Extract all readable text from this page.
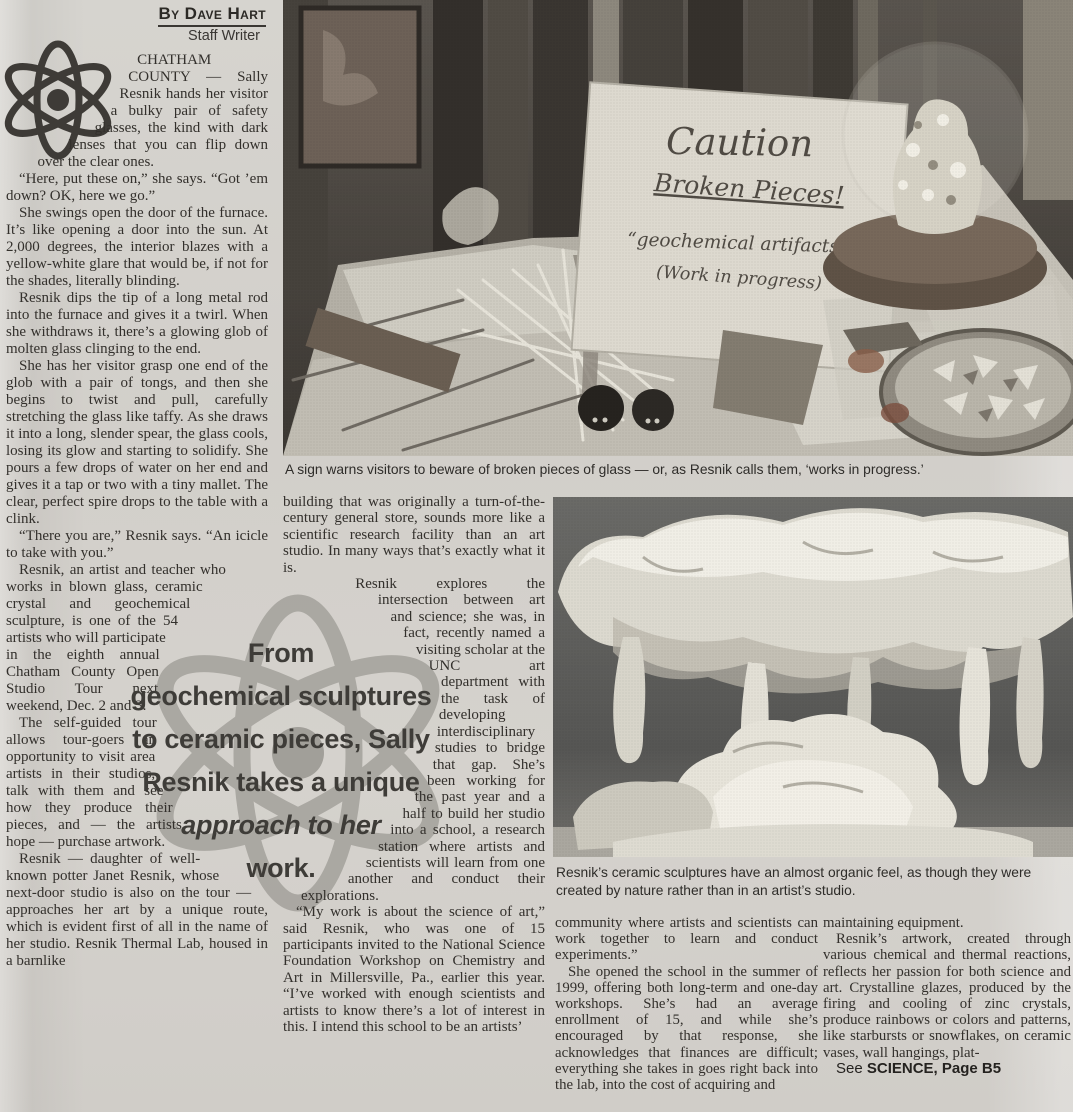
By Dave Hart
Staff Writer

CHATHAM COUNTY — Sally Resnik hands her visitor a bulky pair of safety glasses, the kind with dark lenses that you can flip down over the clear ones.

“Here, put these on,” she says. “Got ’em down? OK, here we go.”

She swings open the door of the furnace. It’s like opening a door into the sun. At 2,000 degrees, the interior blazes with a yellow-white glare that would be, if not for the shades, literally blinding.

Resnik dips the tip of a long metal rod into the furnace and gives it a twirl. When she withdraws it, there’s a glowing glob of molten glass clinging to the end.

She has her visitor grasp one end of the glob with a pair of tongs, and then she begins to twist and pull, carefully stretching the glass like taffy. As she draws it into a long, slender spear, the glass cools, losing its glow and starting to solidify. She pours a few drops of water on her end and gives it a tap or two with a tiny mallet. The clear, perfect spire drops to the table with a clink.

“There you are,” Resnik says. “An icicle to take with you.”

Resnik, an artist and teacher who works in blown glass, ceramic crystal and geochemical sculpture, is one of the 54 artists who will participate in the eighth annual Chatham County Open Studio Tour next weekend, Dec. 2 and 3.

The self-guided tour allows tour-goers an opportunity to visit area artists in their studios, talk with them and see how they produce their pieces, and — the artists hope — purchase artwork.

Resnik — daughter of well-known potter Janet Resnik, whose next-door studio is also on the tour — approaches her art by a unique route, which is evident first of all in the name of her studio. Resnik Thermal Lab, housed in a barnlike

From
geochemical sculptures
to ceramic pieces, Sally
Resnik takes a unique
approach to her
work.

building that was originally a turn-of-the-century general store, sounds more like a scientific research facility than an art studio. In many ways that’s exactly what it is.

Resnik explores the intersection between art and science; she was, in fact, recently named a visiting scholar at the UNC art department with the task of developing interdisciplinary studies to bridge that gap. She’s been working for the past year and a half to build her studio into a school, a research station where artists and scientists will learn from one another and conduct their explorations.

“My work is about the science of art,” said Resnik, who was one of 15 participants invited to the National Science Foundation Workshop on Chemistry and Art in Millersville, Pa., earlier this year. “I’ve worked with enough scientists and artists to know there’s a lot of interest in this. I intend this school to be an artists’

A sign warns visitors to beware of broken pieces of glass — or, as Resnik calls them, ‘works in progress.’
Resnik’s ceramic sculptures have an almost organic feel, as though they were created by nature rather than in an artist’s studio.

community where artists and scientists can work together to learn and conduct experiments.”

She opened the school in the summer of 1999, offering both long-term and one-day workshops. She’s had an average enrollment of 15, and while she’s encouraged by that response, she acknowledges that finances are difficult; everything she takes in goes right back into the lab, into the cost of acquiring and

maintaining equipment.

Resnik’s artwork, created through various chemical and thermal reactions, reflects her passion for both science and art. Crystalline glazes, produced by the firing and cooling of zinc crystals, produce rainbows or colors and patterns, like starbursts or snowflakes, on ceramic vases, wall hangings, plat-

See SCIENCE, Page B5
